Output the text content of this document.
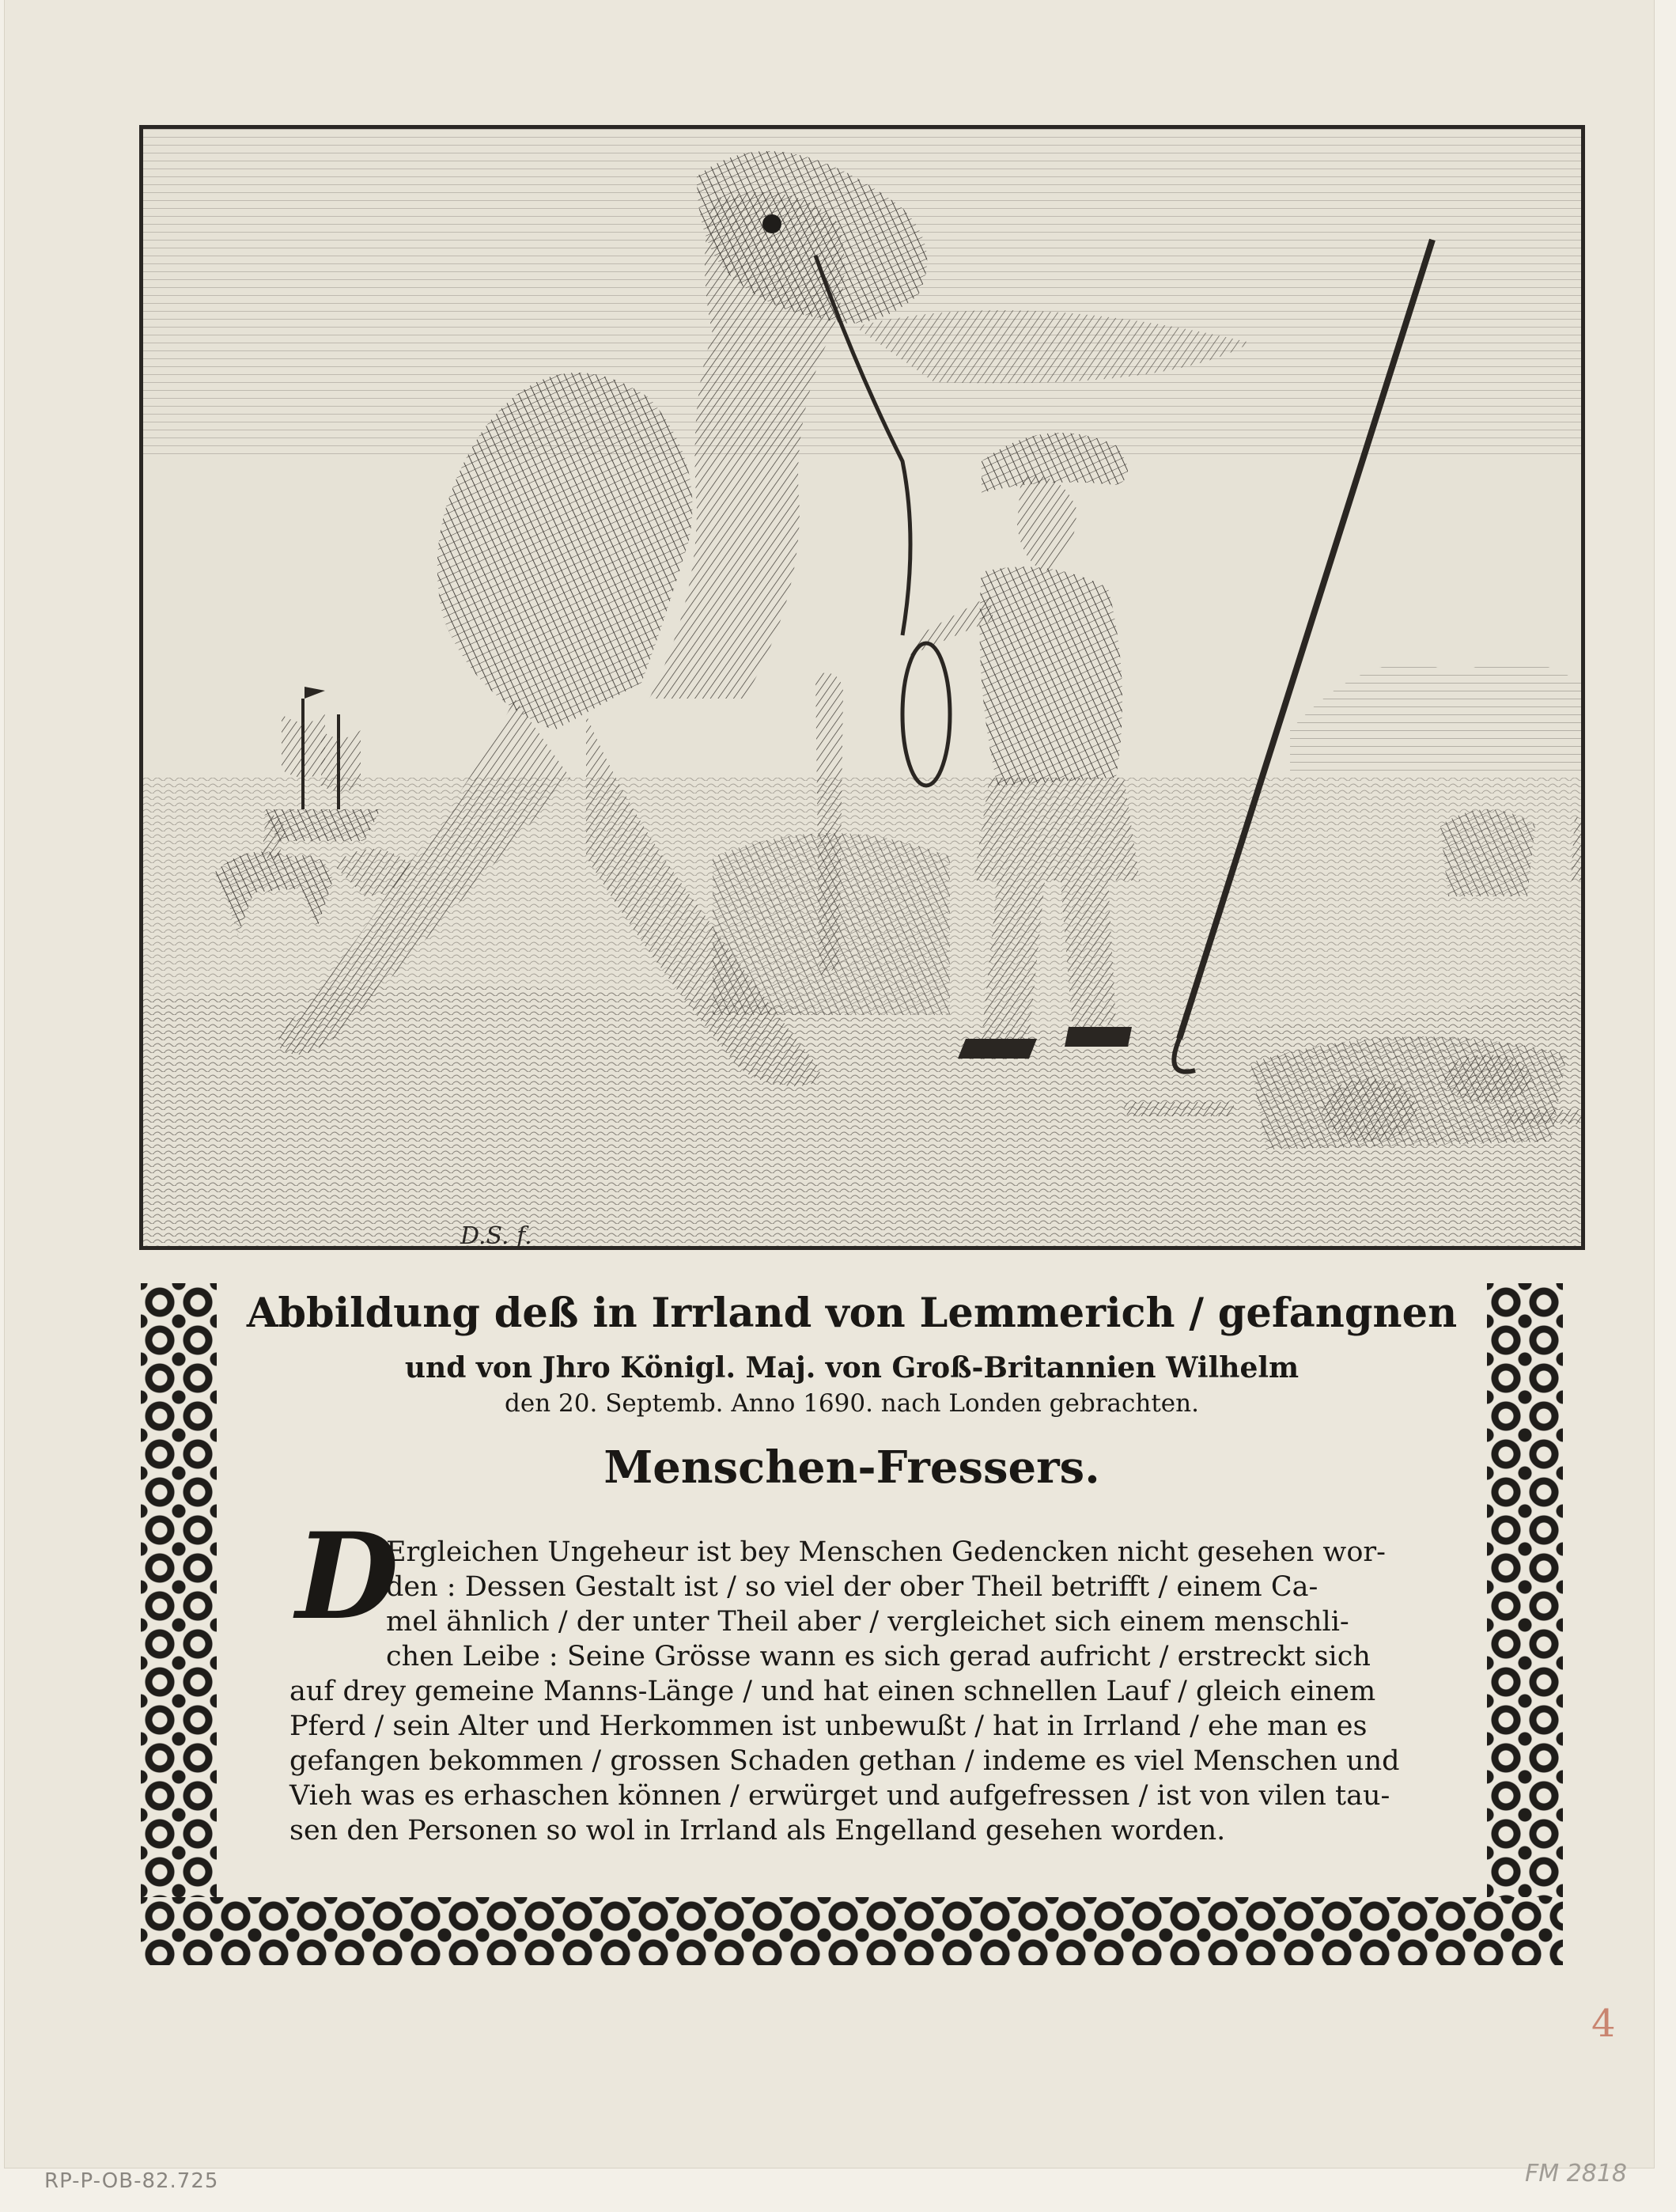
D.S. f.
Abbildung deß in Irrland von Lemmerich / gefangnen
und von Jhro Königl. Maj. von Groß-Britannien Wilhelm
den 20. Septemb. Anno 1690. nach Londen gebrachten.
Menschen-Fressers.
D
Ergleichen Ungeheur ist bey Menschen Gedencken nicht gesehen wor-
den : Dessen Gestalt ist / so viel der ober Theil betrifft / einem Ca-
mel ähnlich / der unter Theil aber / vergleichet sich einem menschli-
chen Leibe : Seine Grösse wann es sich gerad aufricht / erstreckt sich
auf drey gemeine Manns-Länge / und hat einen schnellen Lauf / gleich einem
Pferd / sein Alter und Herkommen ist unbewußt / hat in Irrland / ehe man es
gefangen bekommen / grossen Schaden gethan / indeme es viel Menschen und
Vieh was es erhaschen können / erwürget und aufgefressen / ist von vilen tau-
sen den Personen so wol in Irrland als Engelland gesehen worden.
4
RP-P-OB-82.725	FM 2818
